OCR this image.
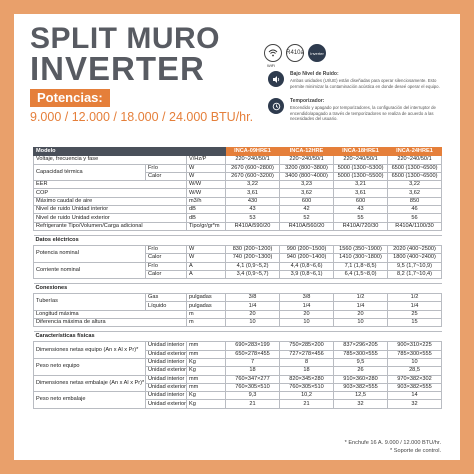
SPLIT MURO
INVERTER
Potencias:
9.000 / 12.000 / 18.000 / 24.000 BTU/hr.
WiFi
R410a Inverter
Bajo Nivel de Ruido:
Ambas unidades (UI/UE) están diseñadas para operar silenciosamente. Esto permite minimizar la contaminación acústica en donde deseé operar el equipo.
Temporizador:
Encendido y apagado por temporizadores, la configuración del interruptor de encendido/apagado a través de temporizadores se realiza de acuerdo a las necesidades del usuario.
Modelo			INCA-09HRE1	INCA-12HRE	INCA-18HRE1	INCA-24HRE1
Voltaje, frecuencia y fase		V/Hz/P	220~240/50/1	220~240/50/1	220~240/50/1	220~240/50/1
Capacidad térmica	Frío	W	2670 (600~2800)	3200 (800~3800)	5000 (1300~5300)	6500 (1300~6500)
	Calor	W	2670 (600~3200)	3400 (800~4000)	5000 (1300~5500)	6500 (1300~6500)
EER		W/W	3,22	3,23	3,21	3,22
COP		W/W	3,61	3,62	3,61	3,62
Máximo caudal de aire		m3/h	430	600	600	850
Nivel de ruido Unidad interior		dB	43	42	43	46
Nivel de ruido Unidad exterior		dB	53	52	55	56
Refrigerante Tipo/Volumen/Carga adicional		Tipo/gr/gr*m	R410A/590/20	R410A/560/20	R410A/720/30	R410A/1100/30

Datos eléctricos						
Potencia nominal	Frío	W	830 (200~1200)	990 (200~1500)	1560 (350~1900)	2020 (400~2500)
	Calor	W	740 (200~1300)	940 (200~1400)	1410 (300~1800)	1800 (400~2400)
Corriente nominal	Frío	A	4,1 (0,9~5,2)	4,4 (0,8~6,6)	7,1 (1,8~8,5)	9,5 (1,7~10,9)
	Calor	A	3,4 (0,9~5,7)	3,9 (0,8~6,1)	6,4 (1,5~8,0)	8,2 (1,7~10,4)

Conexiones						
Tuberías	Gas	pulgadas	3/8	3/8	1/2	1/2
	Líquido	pulgadas	1/4	1/4	1/4	1/4
Longitud máxima		m	20	20	20	25
Diferencia máxima de altura		m	10	10	10	15

Características físicas						
Dimensiones netas equipo (An x Al x Pr)*	Unidad interior	mm	690×283×199	750×285×200	837×296×205	900×310×225
	Unidad exterior	mm	650×278×455	727×278×456	785×300×555	785×300×555
Peso neto equipo	Unidad interior	Kg	7	8	9,5	10
	Unidad exterior	Kg	18	18	26	28,5
Dimensiones netas embalaje (An x Al x Pr)*	Unidad interior	mm	760×347×277	820×345×280	910×360×280	970×382×302
	Unidad exterior	mm	760×305×510	760×305×510	903×382×555	903×382×555
Peso neto embalaje	Unidad interior	Kg	9,3	10,2	12,5	14
	Unidad exterior	Kg	21	21	32	32
* Enchufe 16 A. 9.000 / 12.000 BTU/hr.
* Soporte de control.
